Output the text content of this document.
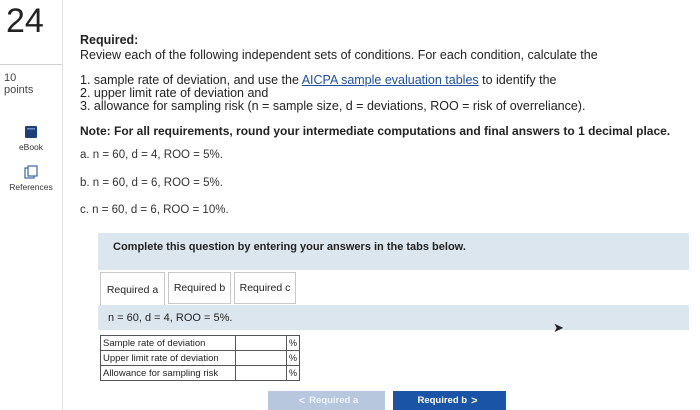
24
10
points
eBook
References
Required:
Review each of the following independent sets of conditions. For each condition, calculate the
1. sample rate of deviation, and use the AICPA sample evaluation tables to identify the
2. upper limit rate of deviation and
3. allowance for sampling risk (n = sample size, d = deviations, ROO = risk of overreliance).
Note: For all requirements, round your intermediate computations and final answers to 1 decimal place.
a. n = 60, d = 4, ROO = 5%.
b. n = 60, d = 6, ROO = 5%.
c. n = 60, d = 6, ROO = 10%.
Complete this question by entering your answers in the tabs below.
Required a	Required b	Required c
n = 60, d = 4, ROO = 5%.
➤
Sample rate of deviation		%
Upper limit rate of deviation		%
Allowance for sampling risk		%
< Required a	Required b >
